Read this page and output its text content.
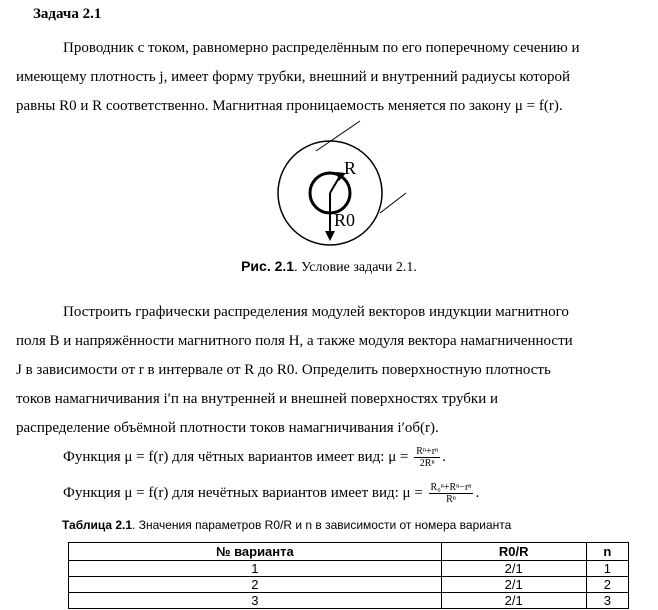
Задача 2.1
Проводник с током, равномерно распределённым по его поперечному сечению и
имеющему плотность j, имеет форму трубки, внешний и внутренний радиусы которой
равны R0 и R соответственно. Магнитная проницаемость меняется по закону μ = f(r).
R
R0
Рис. 2.1. Условие задачи 2.1.
Построить графически распределения модулей векторов индукции магнитного
поля B и напряжённости магнитного поля H, а также модуля вектора намагниченности
J в зависимости от r в интервале от R до R0. Определить поверхностную плотность
токов намагничивания i′п на внутренней и внешней поверхностях трубки и
распределение объёмной плотности токов намагничивания i′об(r).
Функция μ = f(r) для чётных вариантов имеет вид: $\mu = \frac{\text{Rⁿ+rⁿ}}{\text{2Rⁿ}}$ .
Функция μ = f(r) для нечётных вариантов имеет вид: $\mu = \frac{\text{R₀ⁿ+Rⁿ−rⁿ}}{\text{Rⁿ}}$ .
Таблица 2.1. Значения параметров R0/R и n в зависимости от номера варианта
№ варианта	R0/R	n
1	2/1	1
2	2/1	2
3	2/1	3
